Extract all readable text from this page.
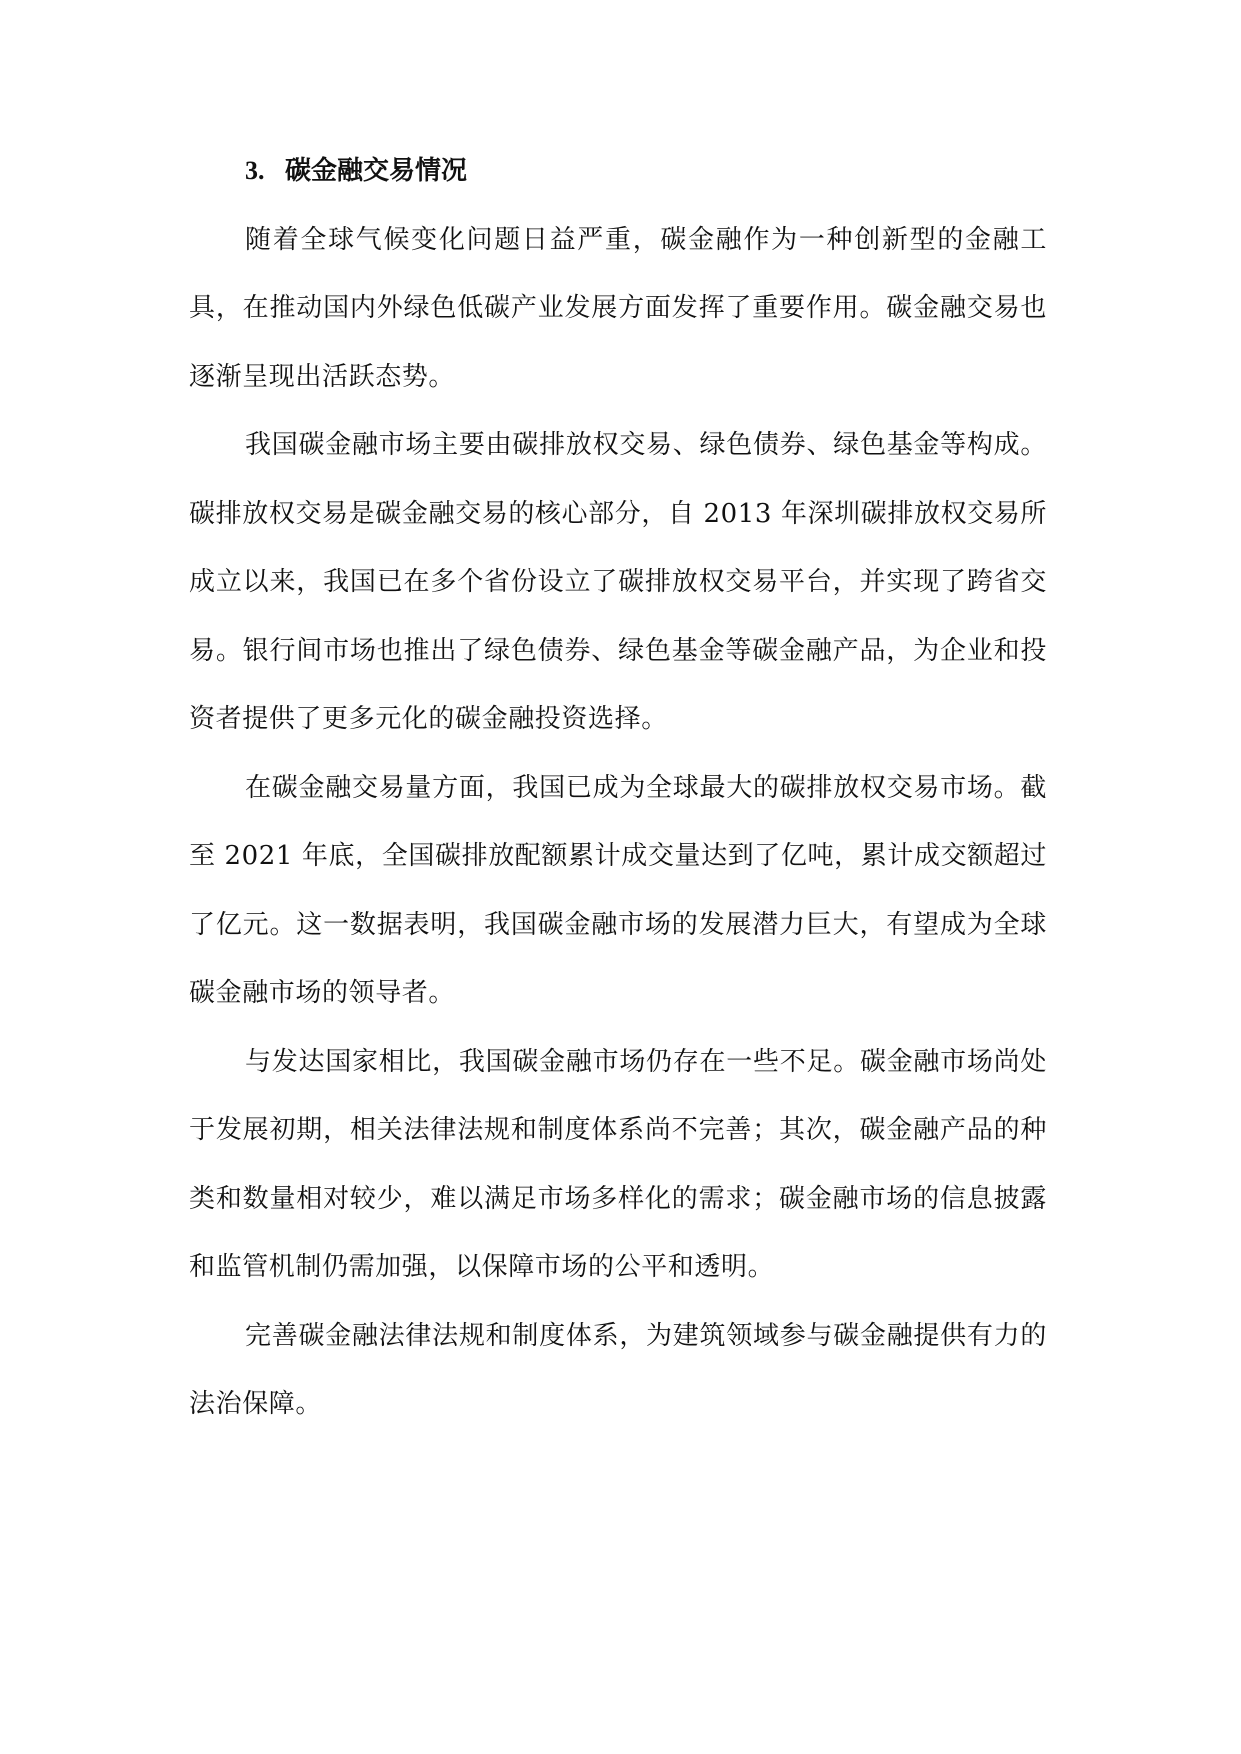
3. 碳金融交易情况

随着全球气候变化问题日益严重，碳金融作为一种创新型的金融工具，在推动国内外绿色低碳产业发展方面发挥了重要作用。碳金融交易也逐渐呈现出活跃态势。

我国碳金融市场主要由碳排放权交易、绿色债券、绿色基金等构成。碳排放权交易是碳金融交易的核心部分，自 2013 年深圳碳排放权交易所成立以来，我国已在多个省份设立了碳排放权交易平台，并实现了跨省交易。银行间市场也推出了绿色债券、绿色基金等碳金融产品，为企业和投资者提供了更多元化的碳金融投资选择。

在碳金融交易量方面，我国已成为全球最大的碳排放权交易市场。截至 2021 年底，全国碳排放配额累计成交量达到了亿吨，累计成交额超过了亿元。这一数据表明，我国碳金融市场的发展潜力巨大，有望成为全球碳金融市场的领导者。

与发达国家相比，我国碳金融市场仍存在一些不足。碳金融市场尚处于发展初期，相关法律法规和制度体系尚不完善；其次，碳金融产品的种类和数量相对较少，难以满足市场多样化的需求；碳金融市场的信息披露和监管机制仍需加强，以保障市场的公平和透明。

完善碳金融法律法规和制度体系，为建筑领域参与碳金融提供有力的法治保障。
